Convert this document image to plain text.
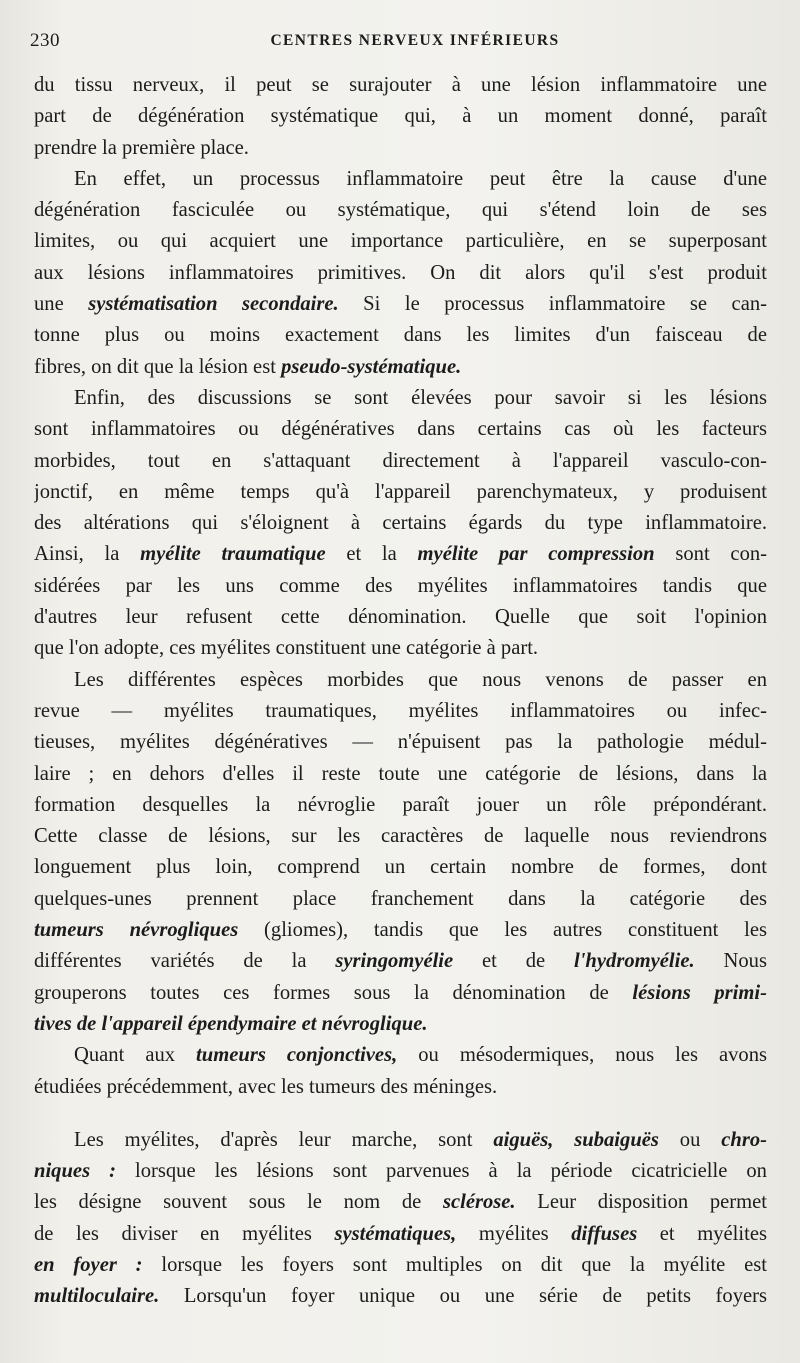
230	CENTRES NERVEUX INFÉRIEURS
du tissu nerveux, il peut se surajouter à une lésion inflammatoire une
part de dégénération systématique qui, à un moment donné, paraît
prendre la première place.
En effet, un processus inflammatoire peut être la cause d'une
dégénération fasciculée ou systématique, qui s'étend loin de ses
limites, ou qui acquiert une importance particulière, en se superposant
aux lésions inflammatoires primitives. On dit alors qu'il s'est produit
une systématisation secondaire. Si le processus inflammatoire se can-
tonne plus ou moins exactement dans les limites d'un faisceau de
fibres, on dit que la lésion est pseudo-systématique.
Enfin, des discussions se sont élevées pour savoir si les lésions
sont inflammatoires ou dégénératives dans certains cas où les facteurs
morbides, tout en s'attaquant directement à l'appareil vasculo-con-
jonctif, en même temps qu'à l'appareil parenchymateux, y produisent
des altérations qui s'éloignent à certains égards du type inflammatoire.
Ainsi, la myélite traumatique et la myélite par compression sont con-
sidérées par les uns comme des myélites inflammatoires tandis que
d'autres leur refusent cette dénomination. Quelle que soit l'opinion
que l'on adopte, ces myélites constituent une catégorie à part.
Les différentes espèces morbides que nous venons de passer en
revue — myélites traumatiques, myélites inflammatoires ou infec-
tieuses, myélites dégénératives — n'épuisent pas la pathologie médul-
laire ; en dehors d'elles il reste toute une catégorie de lésions, dans la
formation desquelles la névroglie paraît jouer un rôle prépondérant.
Cette classe de lésions, sur les caractères de laquelle nous reviendrons
longuement plus loin, comprend un certain nombre de formes, dont
quelques-unes prennent place franchement dans la catégorie des
tumeurs névrogliques (gliomes), tandis que les autres constituent les
différentes variétés de la syringomyélie et de l'hydromyélie. Nous
grouperons toutes ces formes sous la dénomination de lésions primi-
tives de l'appareil épendymaire et névroglique.
Quant aux tumeurs conjonctives, ou mésodermiques, nous les avons
étudiées précédemment, avec les tumeurs des méninges.
Les myélites, d'après leur marche, sont aiguës, subaiguës ou chro-
niques : lorsque les lésions sont parvenues à la période cicatricielle on
les désigne souvent sous le nom de sclérose. Leur disposition permet
de les diviser en myélites systématiques, myélites diffuses et myélites
en foyer : lorsque les foyers sont multiples on dit que la myélite est
multiloculaire. Lorsqu'un foyer unique ou une série de petits foyers
